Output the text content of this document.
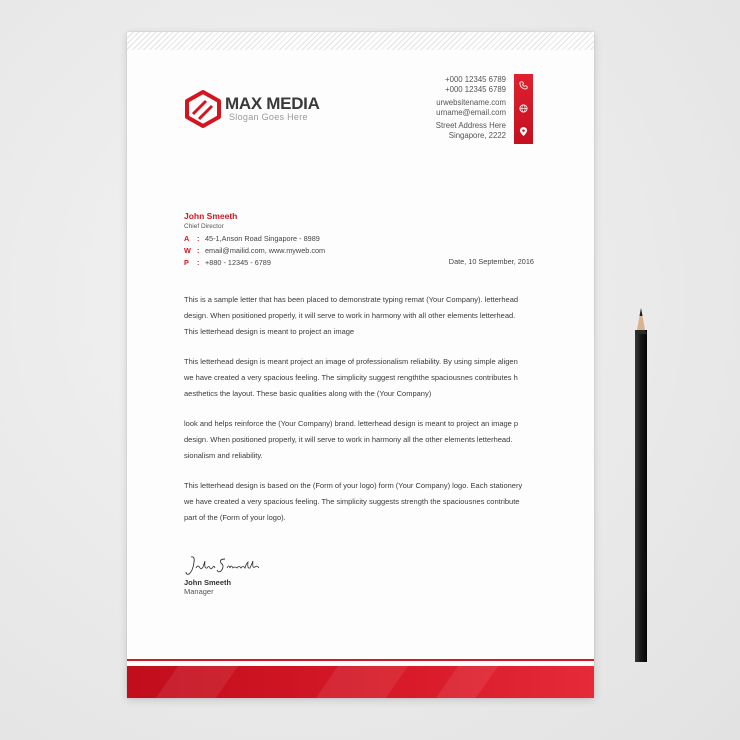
MAX MEDIA
Slogan Goes Here
+000 12345 6789
+000 12345 6789
urwebsitename.com
urname@email.com
Street Address Here
Singapore, 2222
John Smeeth
Chief Director
A : 45-1,Anson Road Singapore - 8989
W : email@mailid.com, www.myweb.com
P : +880 - 12345 - 6789	Date, 10 September, 2016
This is a sample letter that has been placed to demonstrate typing remat (Your Company). letterhead
design. When positioned properly, it will serve to work in harmony with all other elements letterhead.
This letterhead design is meant to project an image
This letterhead design is meant project an image of professionalism reliability. By using simple aligen
we have created a very spacious feeling. The simplicity suggest rengththe spaciousnes contributes h
aesthetics the layout. These basic qualities along with the (Your Company)
look and helps reinforce the (Your Company) brand. letterhead design is meant to project an image p
design. When positioned properly, it will serve to work in harmony all the other elements letterhead.
sionalism and reliability.
This letterhead design is based on the (Form of your logo) form (Your Company) logo. Each stationery
we have created a very spacious feeling. The simplicity suggests strength the spaciousnes contribute
part of the (Form of your logo).
John Smeeth
Manager
